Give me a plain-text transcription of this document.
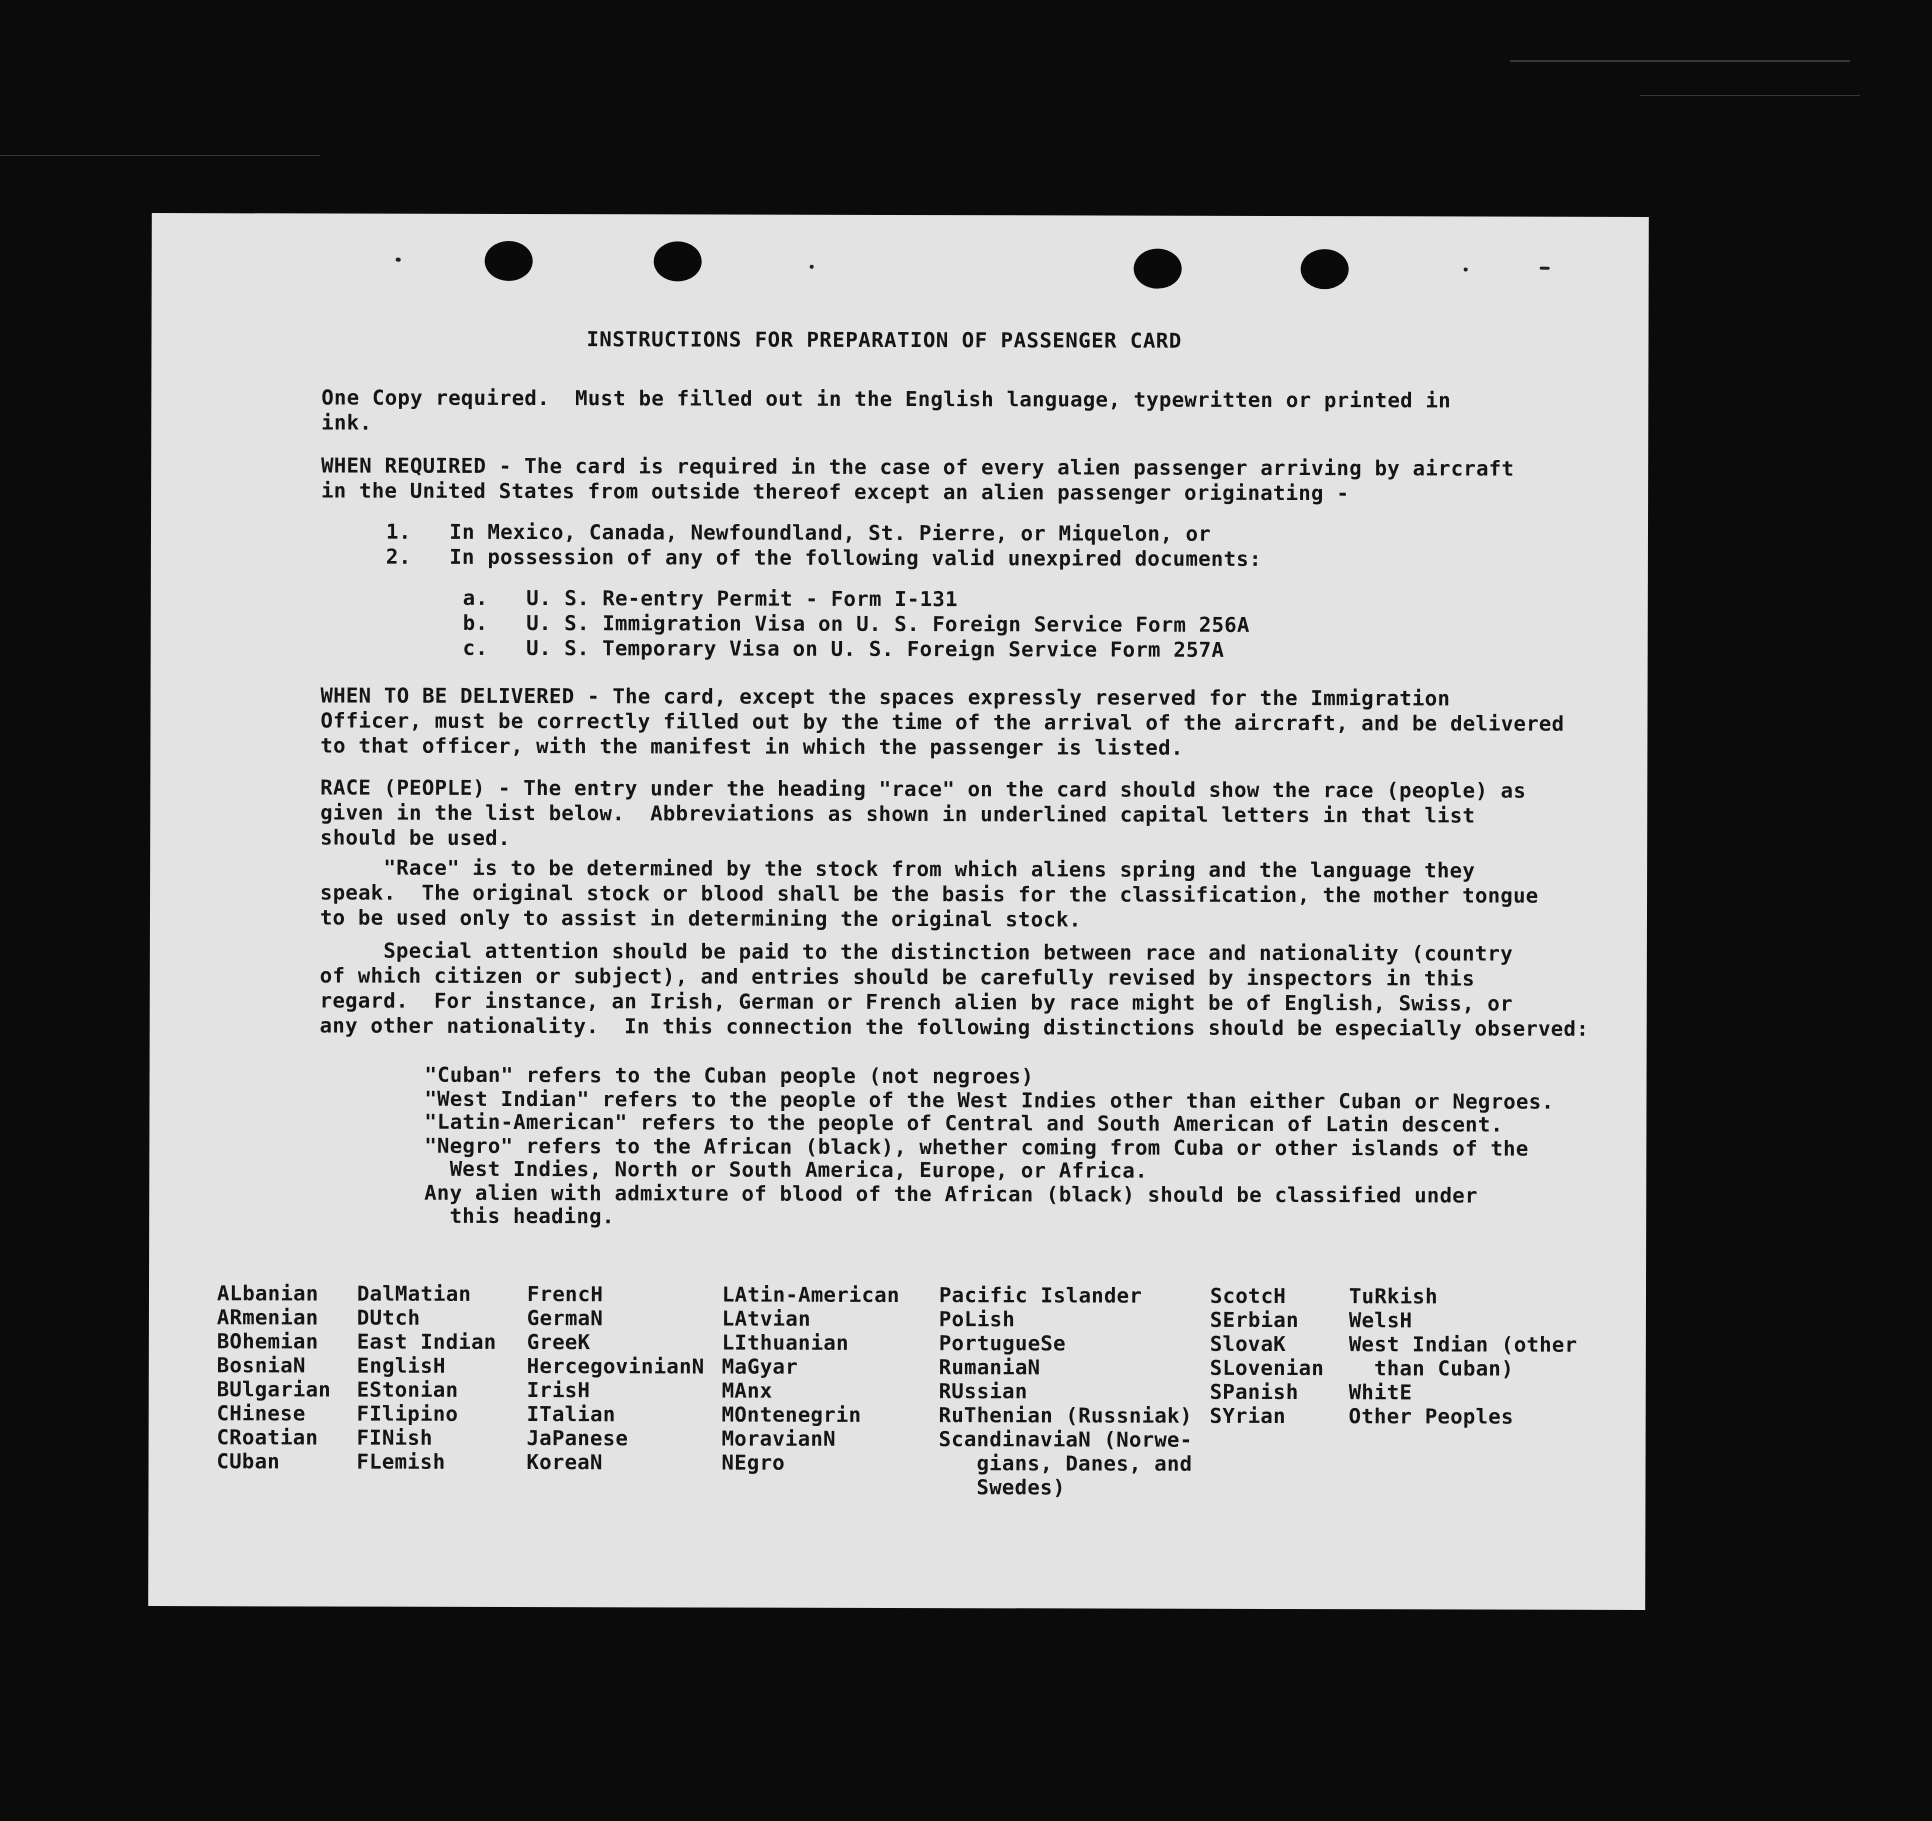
INSTRUCTIONS FOR PREPARATION OF PASSENGER CARD
One Copy required.  Must be filled out in the English language, typewritten or printed in
ink.
WHEN REQUIRED - The card is required in the case of every alien passenger arriving by aircraft
in the United States from outside thereof except an alien passenger originating -
1.   In Mexico, Canada, Newfoundland, St. Pierre, or Miquelon, or
2.   In possession of any of the following valid unexpired documents:
a.   U. S. Re-entry Permit - Form I-131
b.   U. S. Immigration Visa on U. S. Foreign Service Form 256A
c.   U. S. Temporary Visa on U. S. Foreign Service Form 257A
WHEN TO BE DELIVERED - The card, except the spaces expressly reserved for the Immigration
Officer, must be correctly filled out by the time of the arrival of the aircraft, and be delivered
to that officer, with the manifest in which the passenger is listed.
RACE (PEOPLE) - The entry under the heading "race" on the card should show the race (people) as
given in the list below.  Abbreviations as shown in underlined capital letters in that list
should be used.
"Race" is to be determined by the stock from which aliens spring and the language they
speak.  The original stock or blood shall be the basis for the classification, the mother tongue
to be used only to assist in determining the original stock.
Special attention should be paid to the distinction between race and nationality (country
of which citizen or subject), and entries should be carefully revised by inspectors in this
regard.  For instance, an Irish, German or French alien by race might be of English, Swiss, or
any other nationality.  In this connection the following distinctions should be especially observed:
"Cuban" refers to the Cuban people (not negroes)
"West Indian" refers to the people of the West Indies other than either Cuban or Negroes.
"Latin-American" refers to the people of Central and South American of Latin descent.
"Negro" refers to the African (black), whether coming from Cuba or other islands of the
West Indies, North or South America, Europe, or Africa.
Any alien with admixture of blood of the African (black) should be classified under
this heading.
ALbanian
ARmenian
BOhemian
BosniaN
BUlgarian
CHinese
CRoatian
CUban
DalMatian
DUtch
East Indian
EnglisH
EStonian
FIlipino
FINish
FLemish
FrencH
GermaN
GreeK
HercegovinianN
IrisH
ITalian
JaPanese
KoreaN
LAtin-American
LAtvian
LIthuanian
MaGyar
MAnx
MOntenegrin
MoravianN
NEgro
Pacific Islander
PoLish
PortugueSe
RumaniaN
RUssian
RuThenian (Russniak)
ScandinaviaN (Norwe-
gians, Danes, and
Swedes)
ScotcH
SErbian
SlovaK
SLovenian
SPanish
SYrian
TuRkish
WelsH
West Indian (other
than Cuban)
WhitE
Other Peoples
